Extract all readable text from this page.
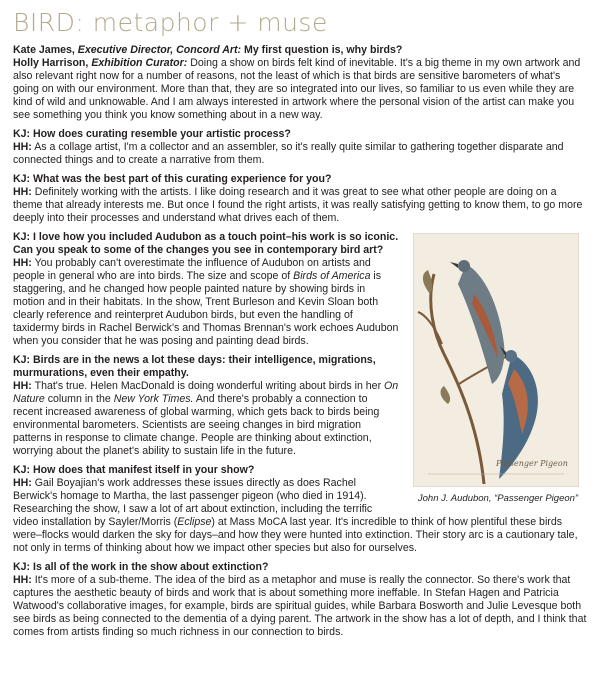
BIRD: metaphor + muse

Kate James, Executive Director, Concord Art: My first question is, why birds?
Holly Harrison, Exhibition Curator: Doing a show on birds felt kind of inevitable. It's a big theme in my own artwork and also relevant right now for a number of reasons, not the least of which is that birds are sensitive barometers of what's going on with our environment. More than that, they are so integrated into our lives, so familiar to us even while they are kind of wild and unknowable. And I am always interested in artwork where the personal vision of the artist can make you see something you think you know something about in a new way.

KJ: How does curating resemble your artistic process?
HH: As a collage artist, I'm a collector and an assembler, so it's really quite similar to gathering together disparate and connected things and to create a narrative from them.

KJ: What was the best part of this curating experience for you?
HH: Definitely working with the artists. I like doing research and it was great to see what other people are doing on a theme that already interests me. But once I found the right artists, it was really satisfying getting to know them, to go more deeply into their processes and understand what drives each of them.

Passenger Pigeon
John J. Audubon, “Passenger Pigeon”

KJ: I love how you included Audubon as a touch point–his work is so iconic. Can you speak to some of the changes you see in contemporary bird art?
HH: You probably can't overestimate the influence of Audubon on artists and people in general who are into birds. The size and scope of Birds of America is staggering, and he changed how people painted nature by showing birds in motion and in their habitats. In the show, Trent Burleson and Kevin Sloan both clearly reference and reinterpret Audubon birds, but even the handling of taxidermy birds in Rachel Berwick's and Thomas Brennan's work echoes Audubon when you consider that he was posing and painting dead birds.

KJ: Birds are in the news a lot these days: their intelligence, migrations, murmurations, even their empathy.
HH: That's true. Helen MacDonald is doing wonderful writing about birds in her On Nature column in the New York Times. And there's probably a connection to recent increased awareness of global warming, which gets back to birds being environmental barometers. Scientists are seeing changes in bird migration patterns in response to climate change. People are thinking about extinction, worrying about the planet's ability to sustain life in the future.

KJ: How does that manifest itself in your show?
HH: Gail Boyajian's work addresses these issues directly as does Rachel Berwick's homage to Martha, the last passenger pigeon (who died in 1914). Researching the show, I saw a lot of art about extinction, including the terrific video installation by Sayler/Morris (Eclipse) at Mass MoCA last year. It's incredible to think of how plentiful these birds were–flocks would darken the sky for days–and how they were hunted into extinction. Their story arc is a cautionary tale, not only in terms of thinking about how we impact other species but also for ourselves.

KJ: Is all of the work in the show about extinction?
HH: It's more of a sub-theme. The idea of the bird as a metaphor and muse is really the connector. So there's work that captures the aesthetic beauty of birds and work that is about something more ineffable. In Stefan Hagen and Patricia Watwood's collaborative images, for example, birds are spiritual guides, while Barbara Bosworth and Julie Levesque both see birds as being connected to the dementia of a dying parent. The artwork in the show has a lot of depth, and I think that comes from artists finding so much richness in our connection to birds.
